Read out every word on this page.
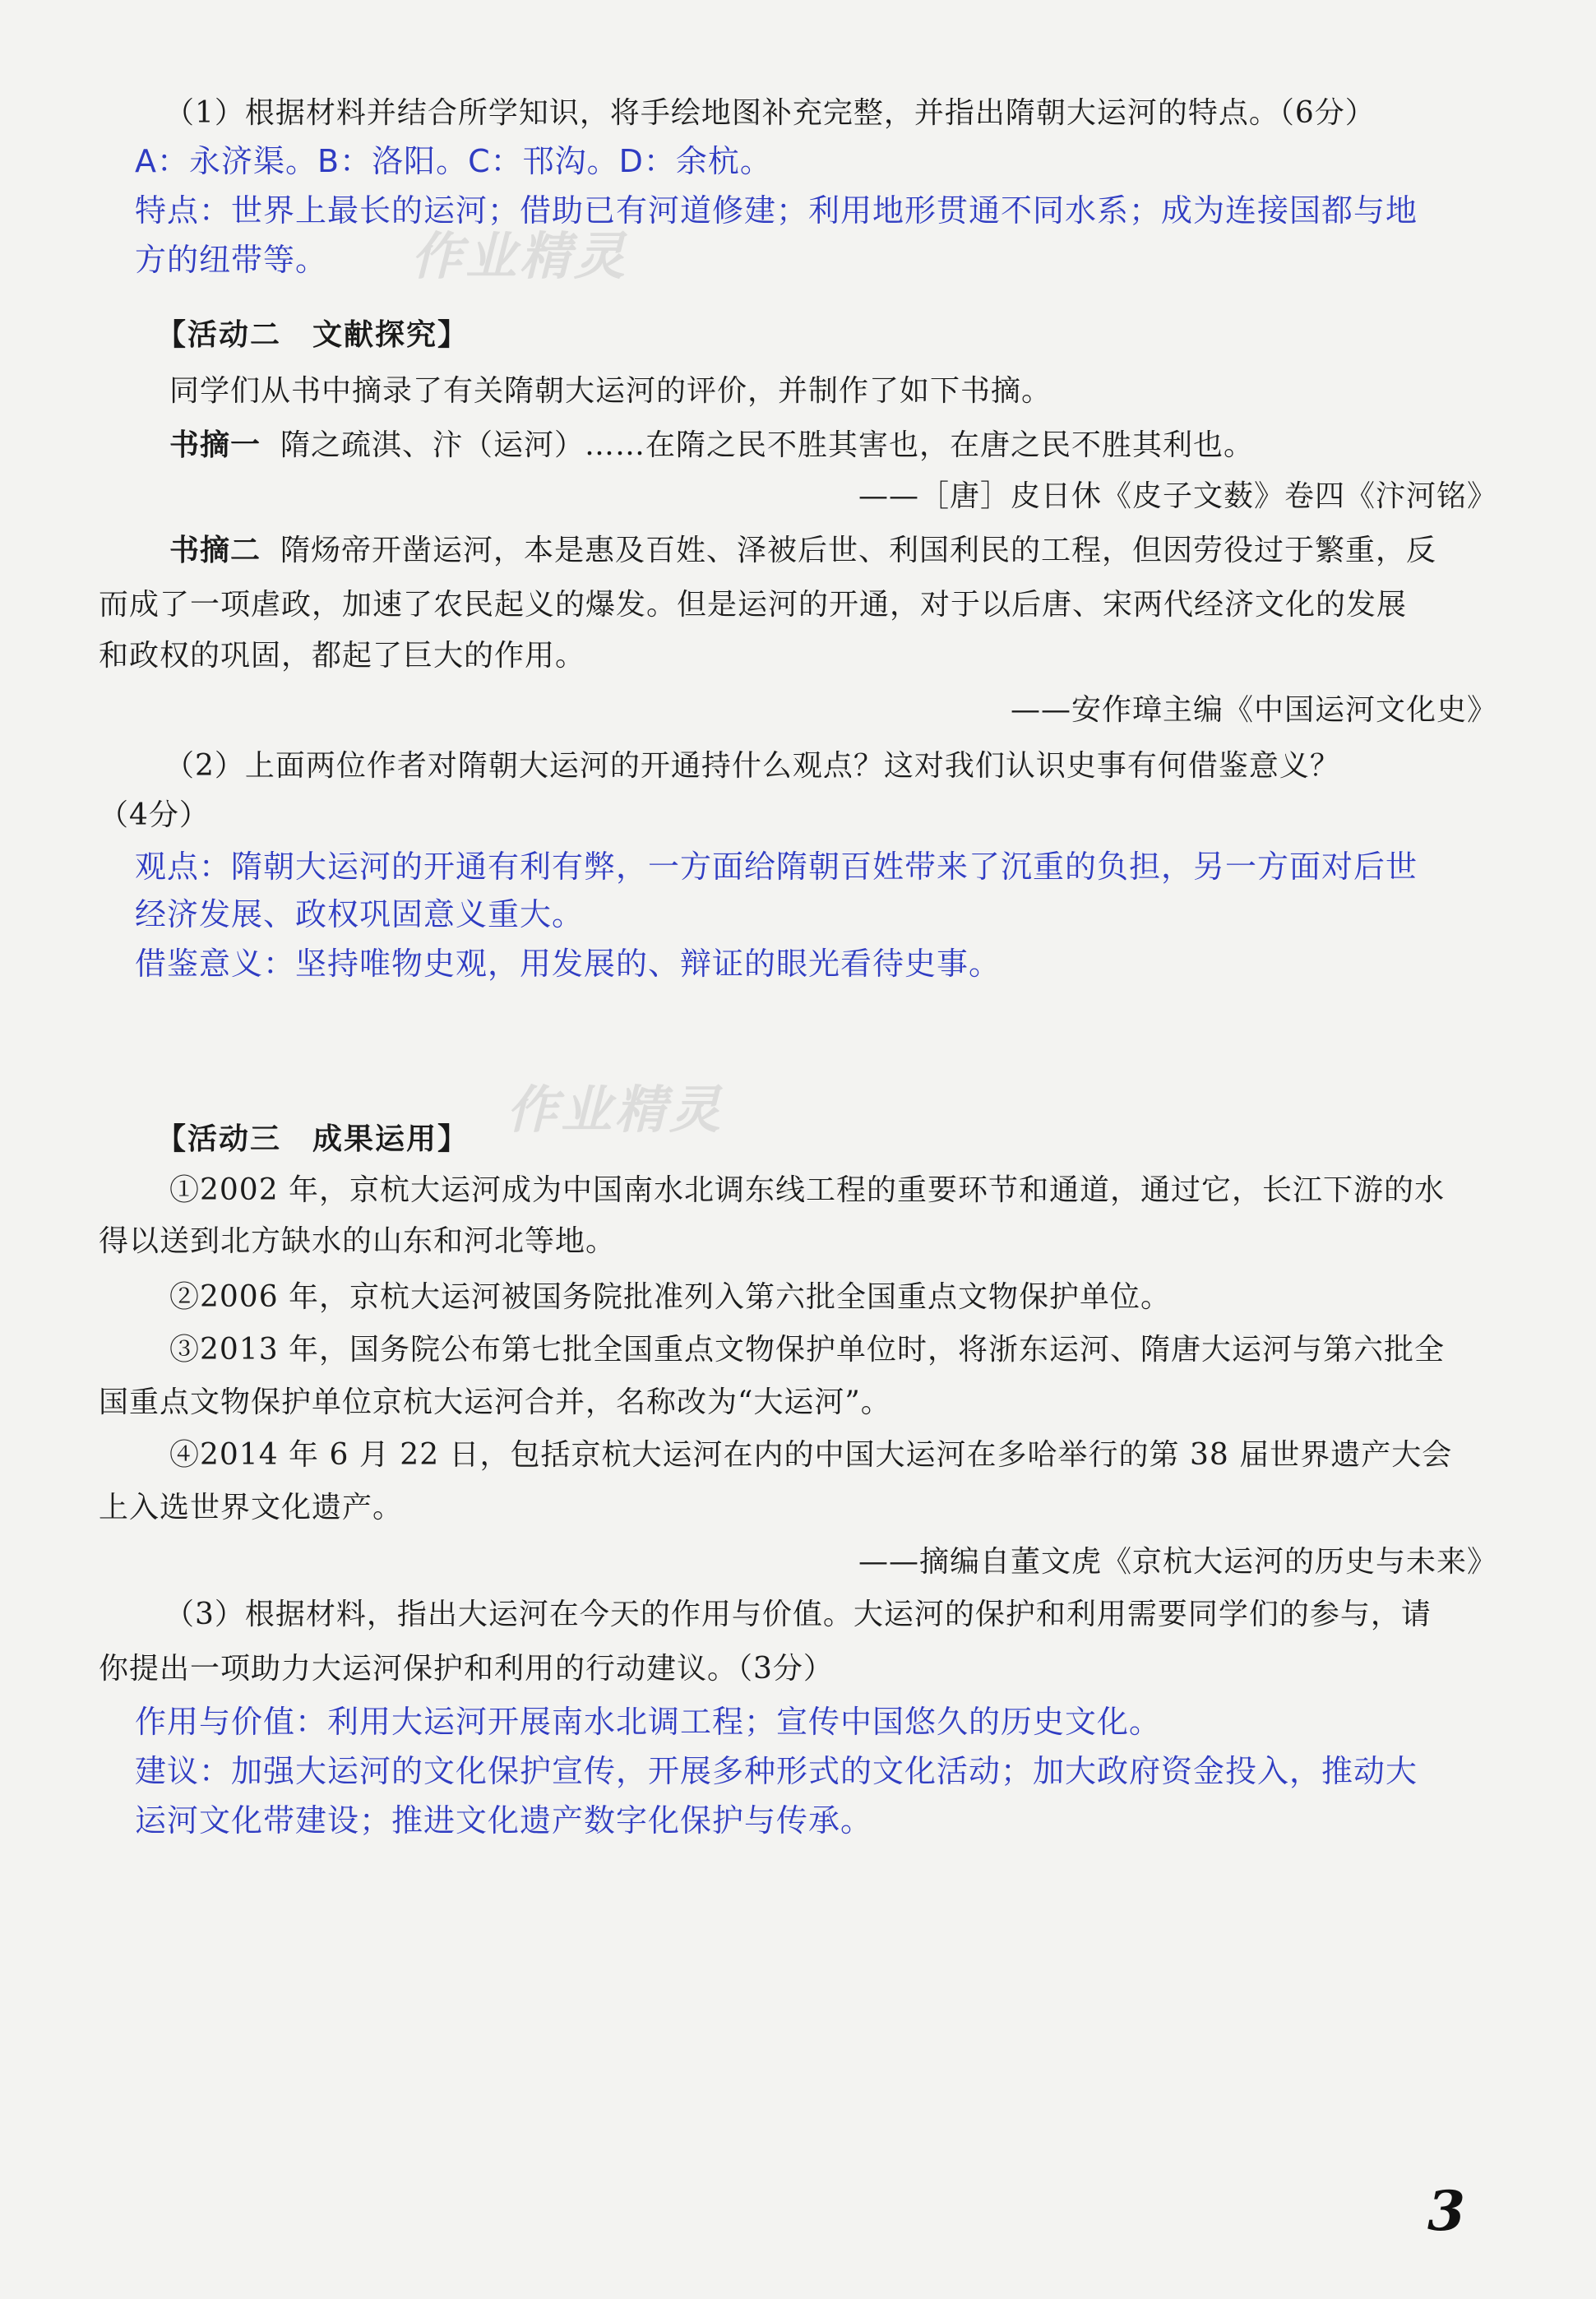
（1）根据材料并结合所学知识，将手绘地图补充完整，并指出隋朝大运河的特点。（6分）
A：永济渠。B：洛阳。C：邗沟。D：余杭。
特点：世界上最长的运河；借助已有河道修建；利用地形贯通不同水系；成为连接国都与地
方的纽带等。 作业精灵
【活动二　文献探究】
同学们从书中摘录了有关隋朝大运河的评价，并制作了如下书摘。
书摘一 隋之疏淇、汴（运河）……在隋之民不胜其害也，在唐之民不胜其利也。
——［唐］皮日休《皮子文薮》卷四《汴河铭》
书摘二 隋炀帝开凿运河，本是惠及百姓、泽被后世、利国利民的工程，但因劳役过于繁重，反
而成了一项虐政，加速了农民起义的爆发。但是运河的开通，对于以后唐、宋两代经济文化的发展
和政权的巩固，都起了巨大的作用。
——安作璋主编《中国运河文化史》
（2）上面两位作者对隋朝大运河的开通持什么观点？这对我们认识史事有何借鉴意义？
（4分）
观点：隋朝大运河的开通有利有弊，一方面给隋朝百姓带来了沉重的负担，另一方面对后世
经济发展、政权巩固意义重大。
借鉴意义：坚持唯物史观，用发展的、辩证的眼光看待史事。
作业精灵
【活动三　成果运用】
①2002 年，京杭大运河成为中国南水北调东线工程的重要环节和通道，通过它，长江下游的水
得以送到北方缺水的山东和河北等地。
②2006 年，京杭大运河被国务院批准列入第六批全国重点文物保护单位。
③2013 年，国务院公布第七批全国重点文物保护单位时，将浙东运河、隋唐大运河与第六批全
国重点文物保护单位京杭大运河合并，名称改为“大运河”。
④2014 年 6 月 22 日，包括京杭大运河在内的中国大运河在多哈举行的第 38 届世界遗产大会
上入选世界文化遗产。
——摘编自董文虎《京杭大运河的历史与未来》
（3）根据材料，指出大运河在今天的作用与价值。大运河的保护和利用需要同学们的参与，请
你提出一项助力大运河保护和利用的行动建议。（3分）
作用与价值：利用大运河开展南水北调工程；宣传中国悠久的历史文化。
建议：加强大运河的文化保护宣传，开展多种形式的文化活动；加大政府资金投入，推动大
运河文化带建设；推进文化遗产数字化保护与传承。
3
